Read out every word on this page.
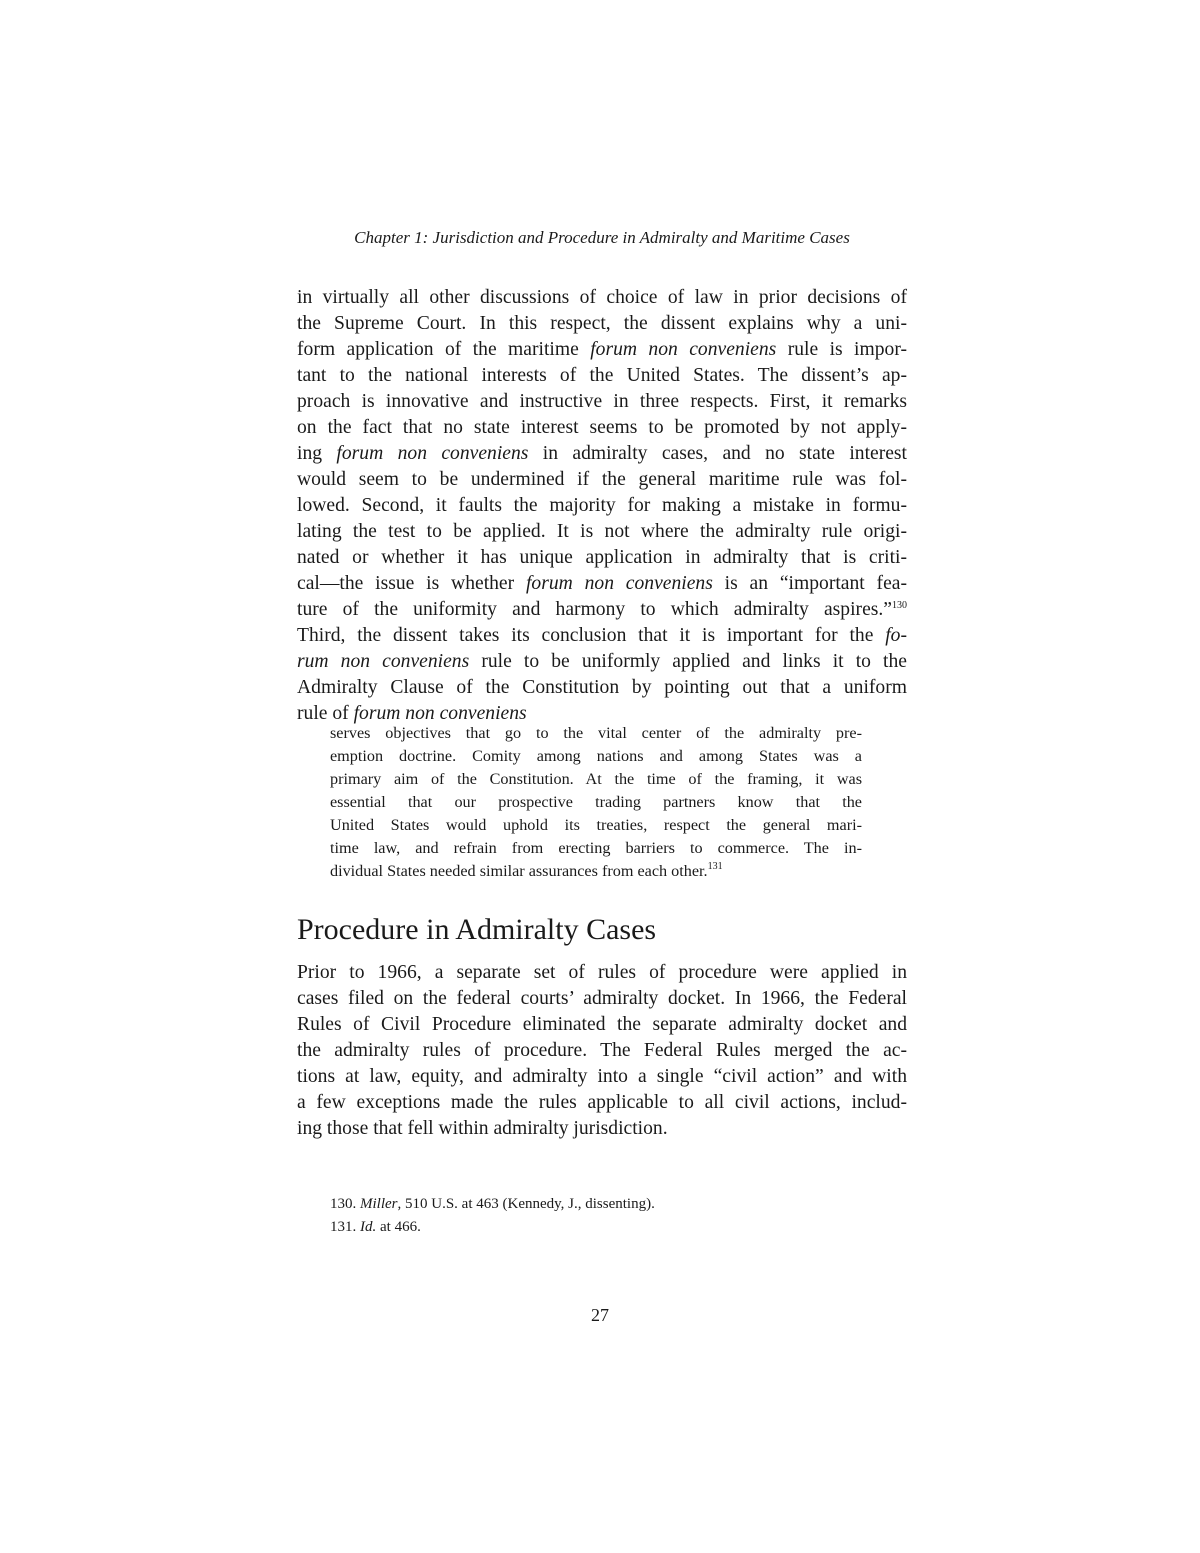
Chapter 1: Jurisdiction and Procedure in Admiralty and Maritime Cases
in virtually all other discussions of choice of law in prior decisions of
the Supreme Court. In this respect, the dissent explains why a uni-
form application of the maritime forum non conveniens rule is impor-
tant to the national interests of the United States. The dissent’s ap-
proach is innovative and instructive in three respects. First, it remarks
on the fact that no state interest seems to be promoted by not apply-
ing forum non conveniens in admiralty cases, and no state interest
would seem to be undermined if the general maritime rule was fol-
lowed. Second, it faults the majority for making a mistake in formu-
lating the test to be applied. It is not where the admiralty rule origi-
nated or whether it has unique application in admiralty that is criti-
cal—the issue is whether forum non conveniens is an “important fea-
ture of the uniformity and harmony to which admiralty aspires.”$^{130}$
Third, the dissent takes its conclusion that it is important for the fo-
rum non conveniens rule to be uniformly applied and links it to the
Admiralty Clause of the Constitution by pointing out that a uniform
rule of forum non conveniens
serves objectives that go to the vital center of the admiralty pre-
emption doctrine. Comity among nations and among States was a
primary aim of the Constitution. At the time of the framing, it was
essential that our prospective trading partners know that the
United States would uphold its treaties, respect the general mari-
time law, and refrain from erecting barriers to commerce. The in-
dividual States needed similar assurances from each other.$^{131}$
Procedure in Admiralty Cases
Prior to 1966, a separate set of rules of procedure were applied in
cases filed on the federal courts’ admiralty docket. In 1966, the Federal
Rules of Civil Procedure eliminated the separate admiralty docket and
the admiralty rules of procedure. The Federal Rules merged the ac-
tions at law, equity, and admiralty into a single “civil action” and with
a few exceptions made the rules applicable to all civil actions, includ-
ing those that fell within admiralty jurisdiction.
130. Miller, 510 U.S. at 463 (Kennedy, J., dissenting).
131. Id. at 466.
27
